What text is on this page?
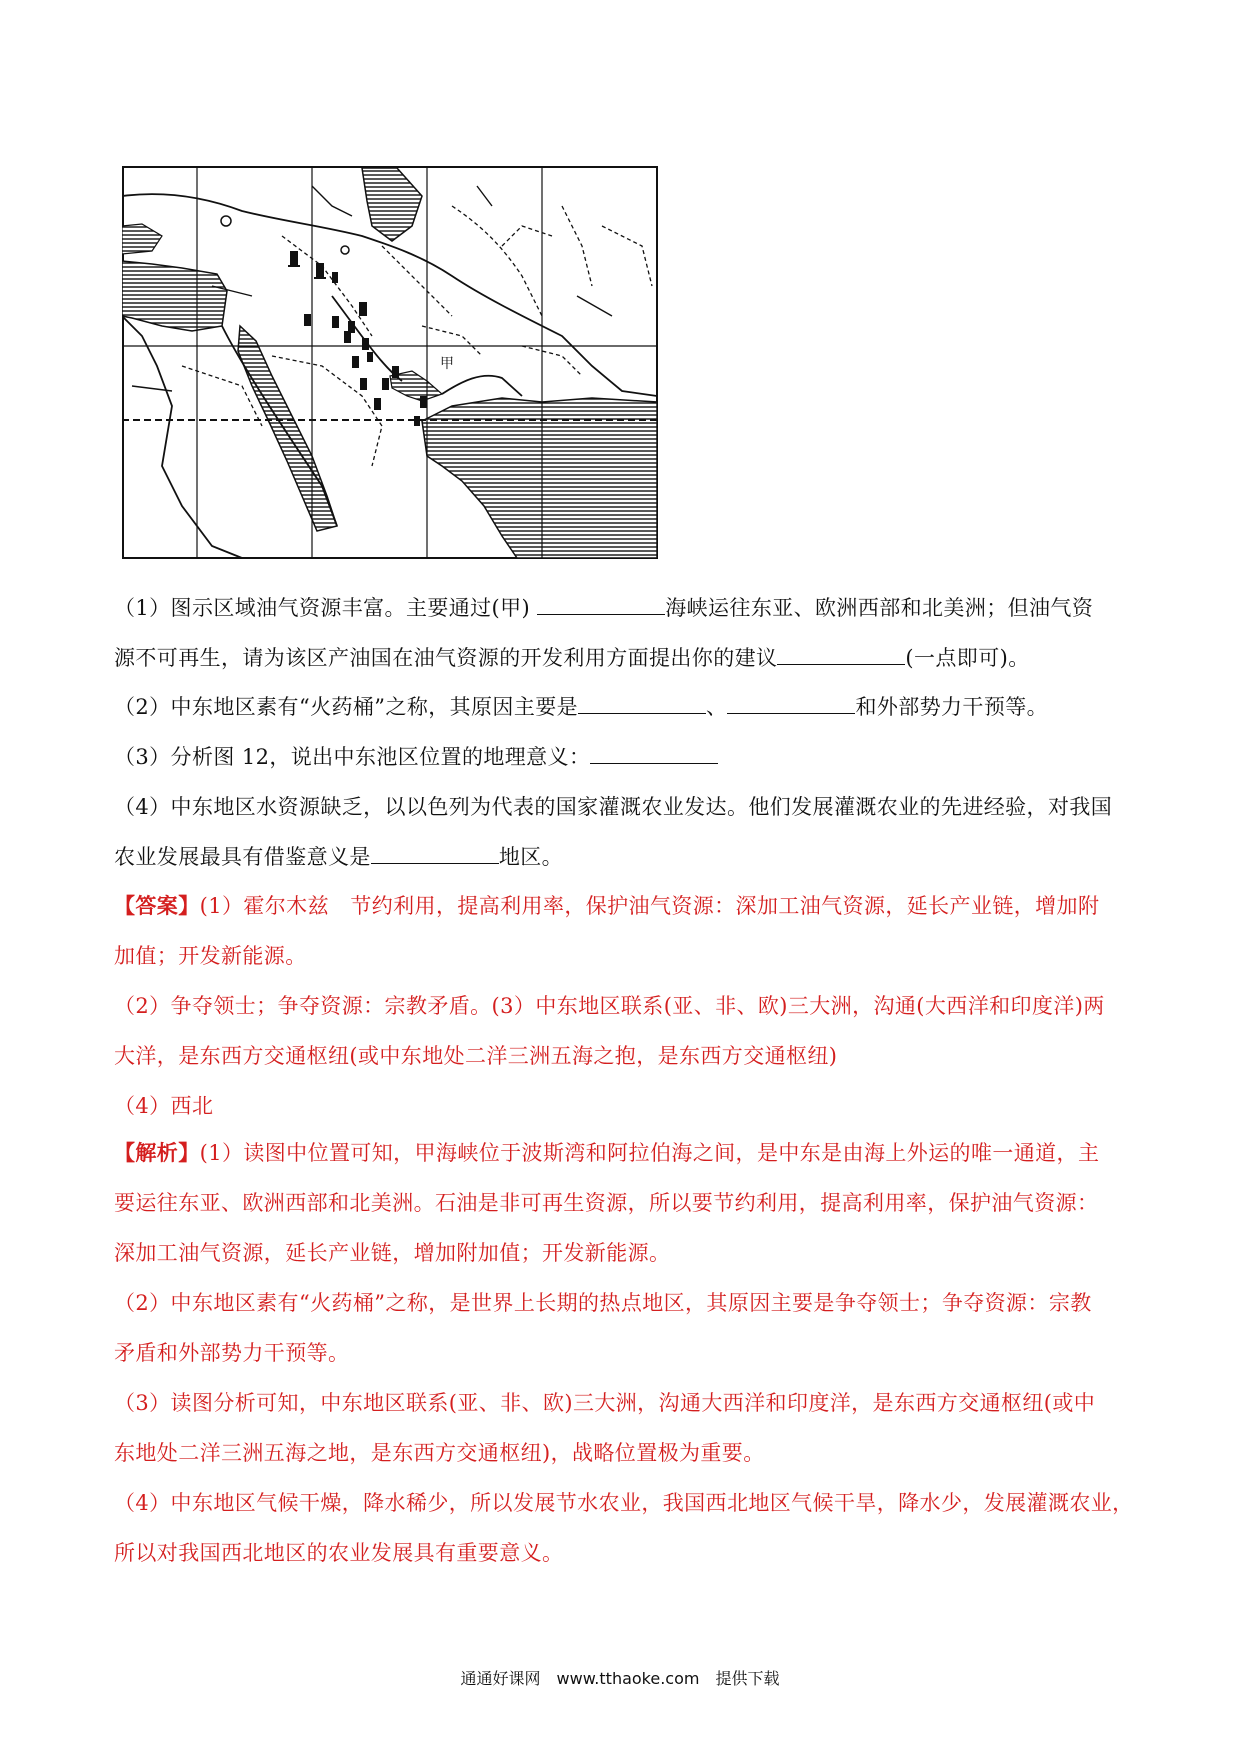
甲
（1）图示区域油气资源丰富。主要通过(甲)	海峡运往东亚、欧洲西部和北美洲；但油气资
源不可再生，请为该区产油国在油气资源的开发利用方面提出你的建议	(一点即可)。
（2）中东地区素有“火药桶”之称，其原因主要是	、	和外部势力干预等。
（3）分析图 12，说出中东池区位置的地理意义：
（4）中东地区水资源缺乏，以以色列为代表的国家灌溉农业发达。他们发展灌溉农业的先进经验，对我国
农业发展最具有借鉴意义是	地区。
【答案】(1）霍尔木兹　节约利用，提高利用率，保护油气资源：深加工油气资源，延长产业链，增加附
加值；开发新能源。
（2）争夺领士；争夺资源：宗教矛盾。(3）中东地区联系(亚、非、欧)三大洲，沟通(大西洋和印度洋)两
大洋，是东西方交通枢纽(或中东地处二洋三洲五海之抱，是东西方交通枢纽)
（4）西北
【解析】(1）读图中位置可知，甲海峡位于波斯湾和阿拉伯海之间，是中东是由海上外运的唯一通道，主
要运往东亚、欧洲西部和北美洲。石油是非可再生资源，所以要节约利用，提高利用率，保护油气资源：
深加工油气资源，延长产业链，增加附加值；开发新能源。
（2）中东地区素有“火药桶”之称，是世界上长期的热点地区，其原因主要是争夺领士；争夺资源：宗教
矛盾和外部势力干预等。
（3）读图分析可知，中东地区联系(亚、非、欧)三大洲，沟通大西洋和印度洋，是东西方交通枢纽(或中
东地处二洋三洲五海之地，是东西方交通枢纽)，战略位置极为重要。
（4）中东地区气候干燥，降水稀少，所以发展节水农业，我国西北地区气候干旱，降水少，发展灌溉农业，
所以对我国西北地区的农业发展具有重要意义。
通通好课网　www.tthaoke.com　提供下载
